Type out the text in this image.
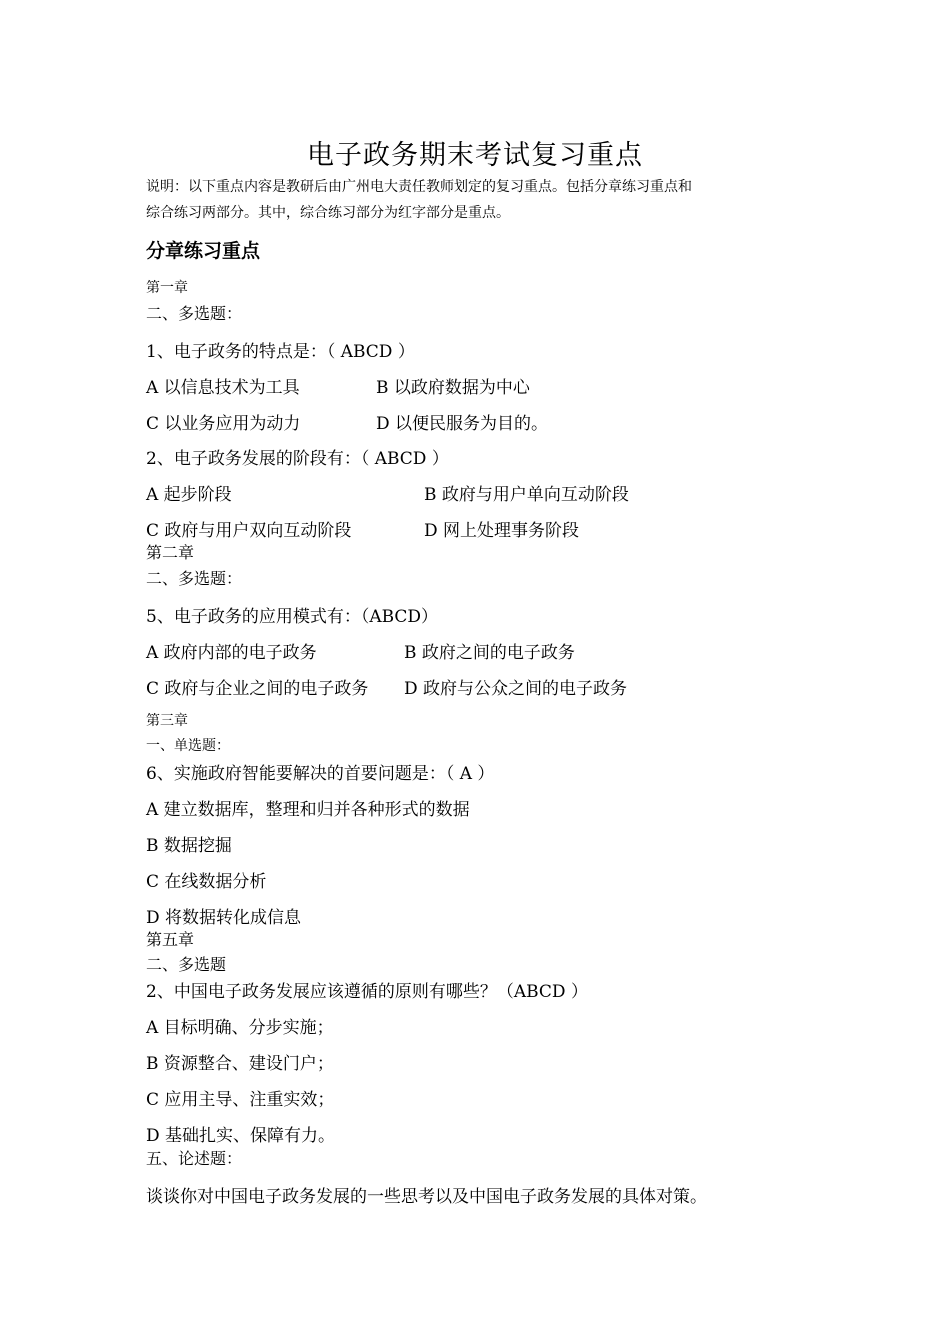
电子政务期末考试复习重点
说明：以下重点内容是教研后由广州电大责任教师划定的复习重点。包括分章练习重点和
综合练习两部分。其中，综合练习部分为红字部分是重点。
分章练习重点
第一章
二、多选题：
1、电子政务的特点是：（ ABCD ）
A 以信息技术为工具	B 以政府数据为中心
C 以业务应用为动力	D 以便民服务为目的。
2、电子政务发展的阶段有：（ ABCD ）
A 起步阶段	B 政府与用户单向互动阶段
C 政府与用户双向互动阶段	D 网上处理事务阶段
第二章
二、多选题：
5、电子政务的应用模式有：（ABCD）
A 政府内部的电子政务	B 政府之间的电子政务
C 政府与企业之间的电子政务 D 政府与公众之间的电子政务
第三章
一、单选题：
6、实施政府智能要解决的首要问题是：（ A ）
A 建立数据库，整理和归并各种形式的数据
B 数据挖掘
C 在线数据分析
D 将数据转化成信息
第五章
二、多选题
2、中国电子政务发展应该遵循的原则有哪些？（ABCD ）
A 目标明确、分步实施；
B 资源整合、建设门户；
C 应用主导、注重实效；
D 基础扎实、保障有力。
五、论述题：
谈谈你对中国电子政务发展的一些思考以及中国电子政务发展的具体对策。
